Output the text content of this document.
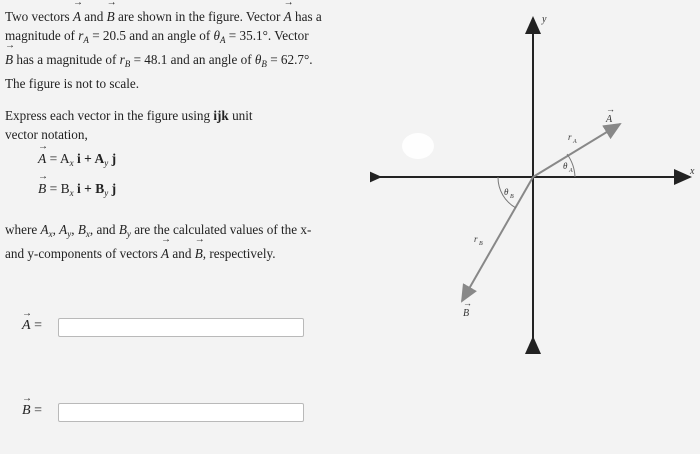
Two vectors → A and → B are shown in the figure. Vector → A has a

magnitude of $r_A = 20.5$ and an angle of $\theta_A = 35.1^\circ$. Vector

→ B has a magnitude of $r_B = 48.1$ and an angle of $\theta_B = 62.7^\circ$.

The figure is not to scale.

Express each vector in the figure using ijk unit

vector notation,

→ $A = A_x$ $i + A_y$ j
→ $B = B_x$ $i + B_y$ j

where $A_x$, $A_y$, $B_x$, and $B_y$ are the calculated values of the x-

and y-components of vectors → A and → B, respectively.

→ A =
→ B =
x
y
A
→
r A
θ A
θ B
r B
B
→
